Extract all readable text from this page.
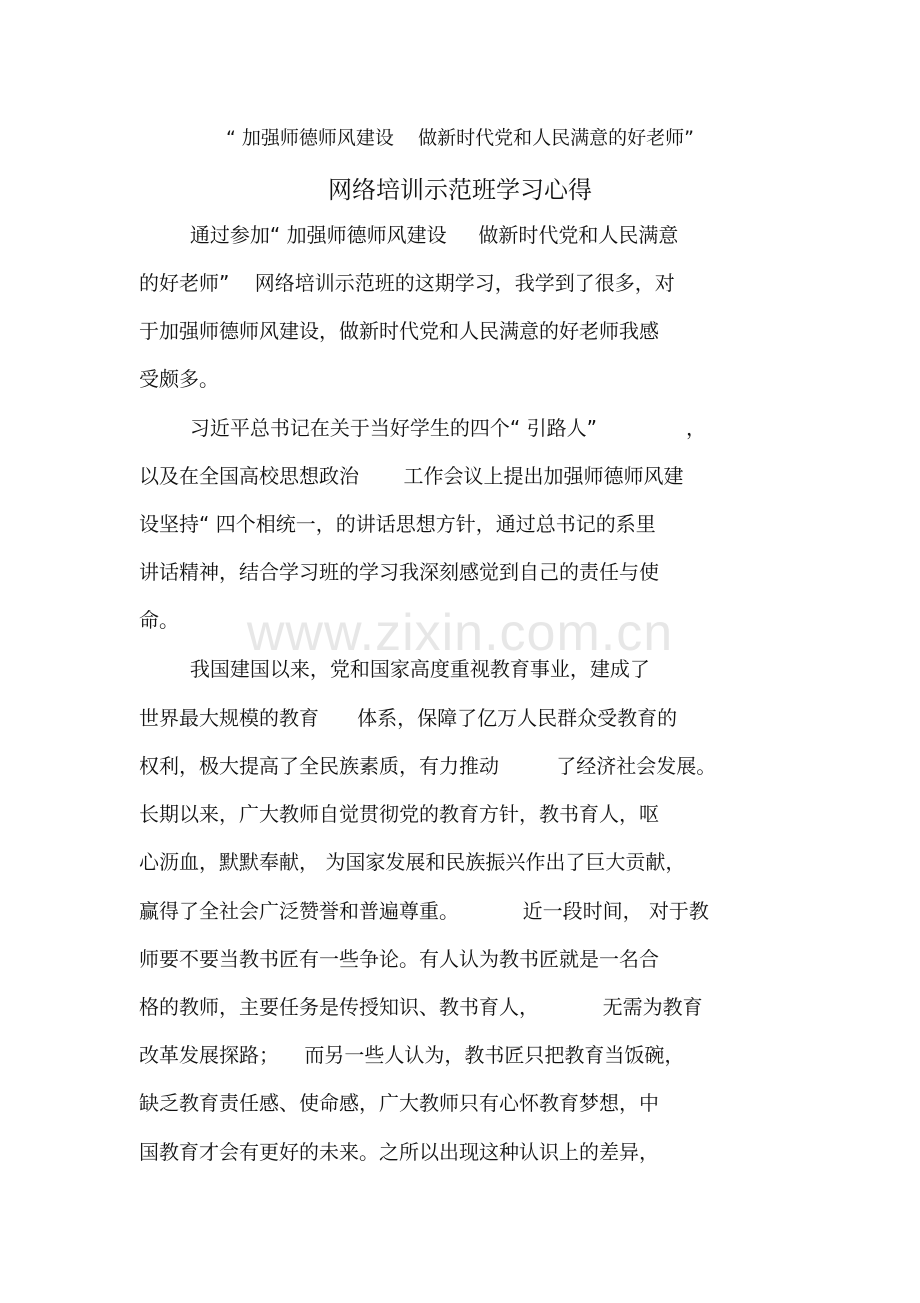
“ 加强师德师风建设    做新时代党和人民满意的好老师”
网络培训示范班学习心得
通过参加“ 加强师德师风建设     做新时代党和人民满意
的好老师”    网络培训示范班的这期学习，我学到了很多，对
于加强师德师风建设，做新时代党和人民满意的好老师我感
受颇多。
习近平总书记在关于当好学生的四个“ 引路人”              ，
以及在全国高校思想政治       工作会议上提出加强师德师风建
设坚持“ 四个相统一，的讲话思想方针，通过总书记的系里
讲话精神，结合学习班的学习我深刻感觉到自己的责任与使
命。
我国建国以来，党和国家高度重视教育事业，建成了
世界最大规模的教育      体系，保障了亿万人民群众受教育的
权利，极大提高了全民族素质，有力推动         了经济社会发展。
长期以来，广大教师自觉贯彻党的教育方针，教书育人，呕
心沥血，默默奉献， 为国家发展和民族振兴作出了巨大贡献，
赢得了全社会广泛赞誉和普遍尊重。          近一段时间， 对于教
师要不要当教书匠有一些争论。有人认为教书匠就是一名合
格的教师，主要任务是传授知识、教书育人，          无需为教育
改革发展探路；    而另一些人认为，教书匠只把教育当饭碗，
缺乏教育责任感、使命感，广大教师只有心怀教育梦想，中
国教育才会有更好的未来。之所以出现这种认识上的差异，
www.zixin.com.cn
